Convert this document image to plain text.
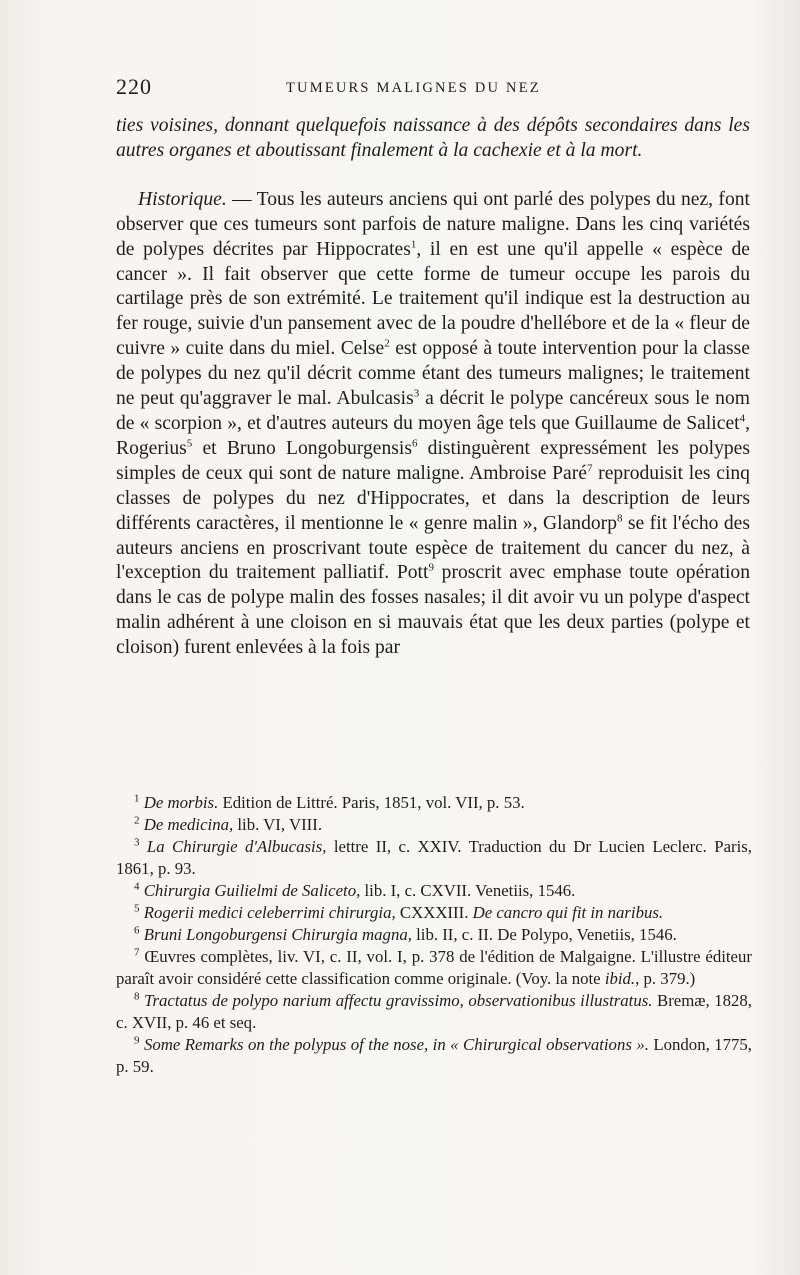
220	TUMEURS MALIGNES DU NEZ

ties voisines, donnant quelquefois naissance à des dépôts secondaires dans les autres organes et aboutissant finalement à la cachexie et à la mort.

Historique. — Tous les auteurs anciens qui ont parlé des polypes du nez, font observer que ces tumeurs sont parfois de nature maligne. Dans les cinq variétés de polypes décrites par Hippocrates$^1$, il en est une qu'il appelle « espèce de cancer ». Il fait observer que cette forme de tumeur occupe les parois du cartilage près de son extrémité. Le traitement qu'il indique est la destruction au fer rouge, suivie d'un pansement avec de la poudre d'hellébore et de la « fleur de cuivre » cuite dans du miel. Celse$^2$ est opposé à toute intervention pour la classe de polypes du nez qu'il décrit comme étant des tumeurs malignes; le traitement ne peut qu'aggraver le mal. Abulcasis$^3$ a décrit le polype cancéreux sous le nom de « scorpion », et d'autres auteurs du moyen âge tels que Guillaume de Salicet$^4$, Rogerius$^5$ et Bruno Longoburgensis$^6$ distinguèrent expressément les polypes simples de ceux qui sont de nature maligne. Ambroise Paré$^7$ reproduisit les cinq classes de polypes du nez d'Hippocrates, et dans la description de leurs différents caractères, il mentionne le « genre malin », Glandorp$^8$ se fit l'écho des auteurs anciens en proscrivant toute espèce de traitement du cancer du nez, à l'exception du traitement palliatif. Pott$^9$ proscrit avec emphase toute opération dans le cas de polype malin des fosses nasales; il dit avoir vu un polype d'aspect malin adhérent à une cloison en si mauvais état que les deux parties (polype et cloison) furent enlevées à la fois par

$^1$ De morbis. Edition de Littré. Paris, 1851, vol. VII, p. 53.

$^2$ De medicina, lib. VI, VIII.

$^3$ La Chirurgie d'Albucasis, lettre II, c. XXIV. Traduction du Dr Lucien Leclerc. Paris, 1861, p. 93.

$^4$ Chirurgia Guilielmi de Saliceto, lib. I, c. CXVII. Venetiis, 1546.

$^5$ Rogerii medici celeberrimi chirurgia, CXXXIII. De cancro qui fit in naribus.

$^6$ Bruni Longoburgensi Chirurgia magna, lib. II, c. II. De Polypo, Venetiis, 1546.

$^7$ Œuvres complètes, liv. VI, c. II, vol. I, p. 378 de l'édition de Malgaigne. L'illustre éditeur paraît avoir considéré cette classification comme originale. (Voy. la note ibid., p. 379.)

$^8$ Tractatus de polypo narium affectu gravissimo, observationibus illustratus. Bremæ, 1828, c. XVII, p. 46 et seq.

$^9$ Some Remarks on the polypus of the nose, in « Chirurgical observations ». London, 1775, p. 59.
